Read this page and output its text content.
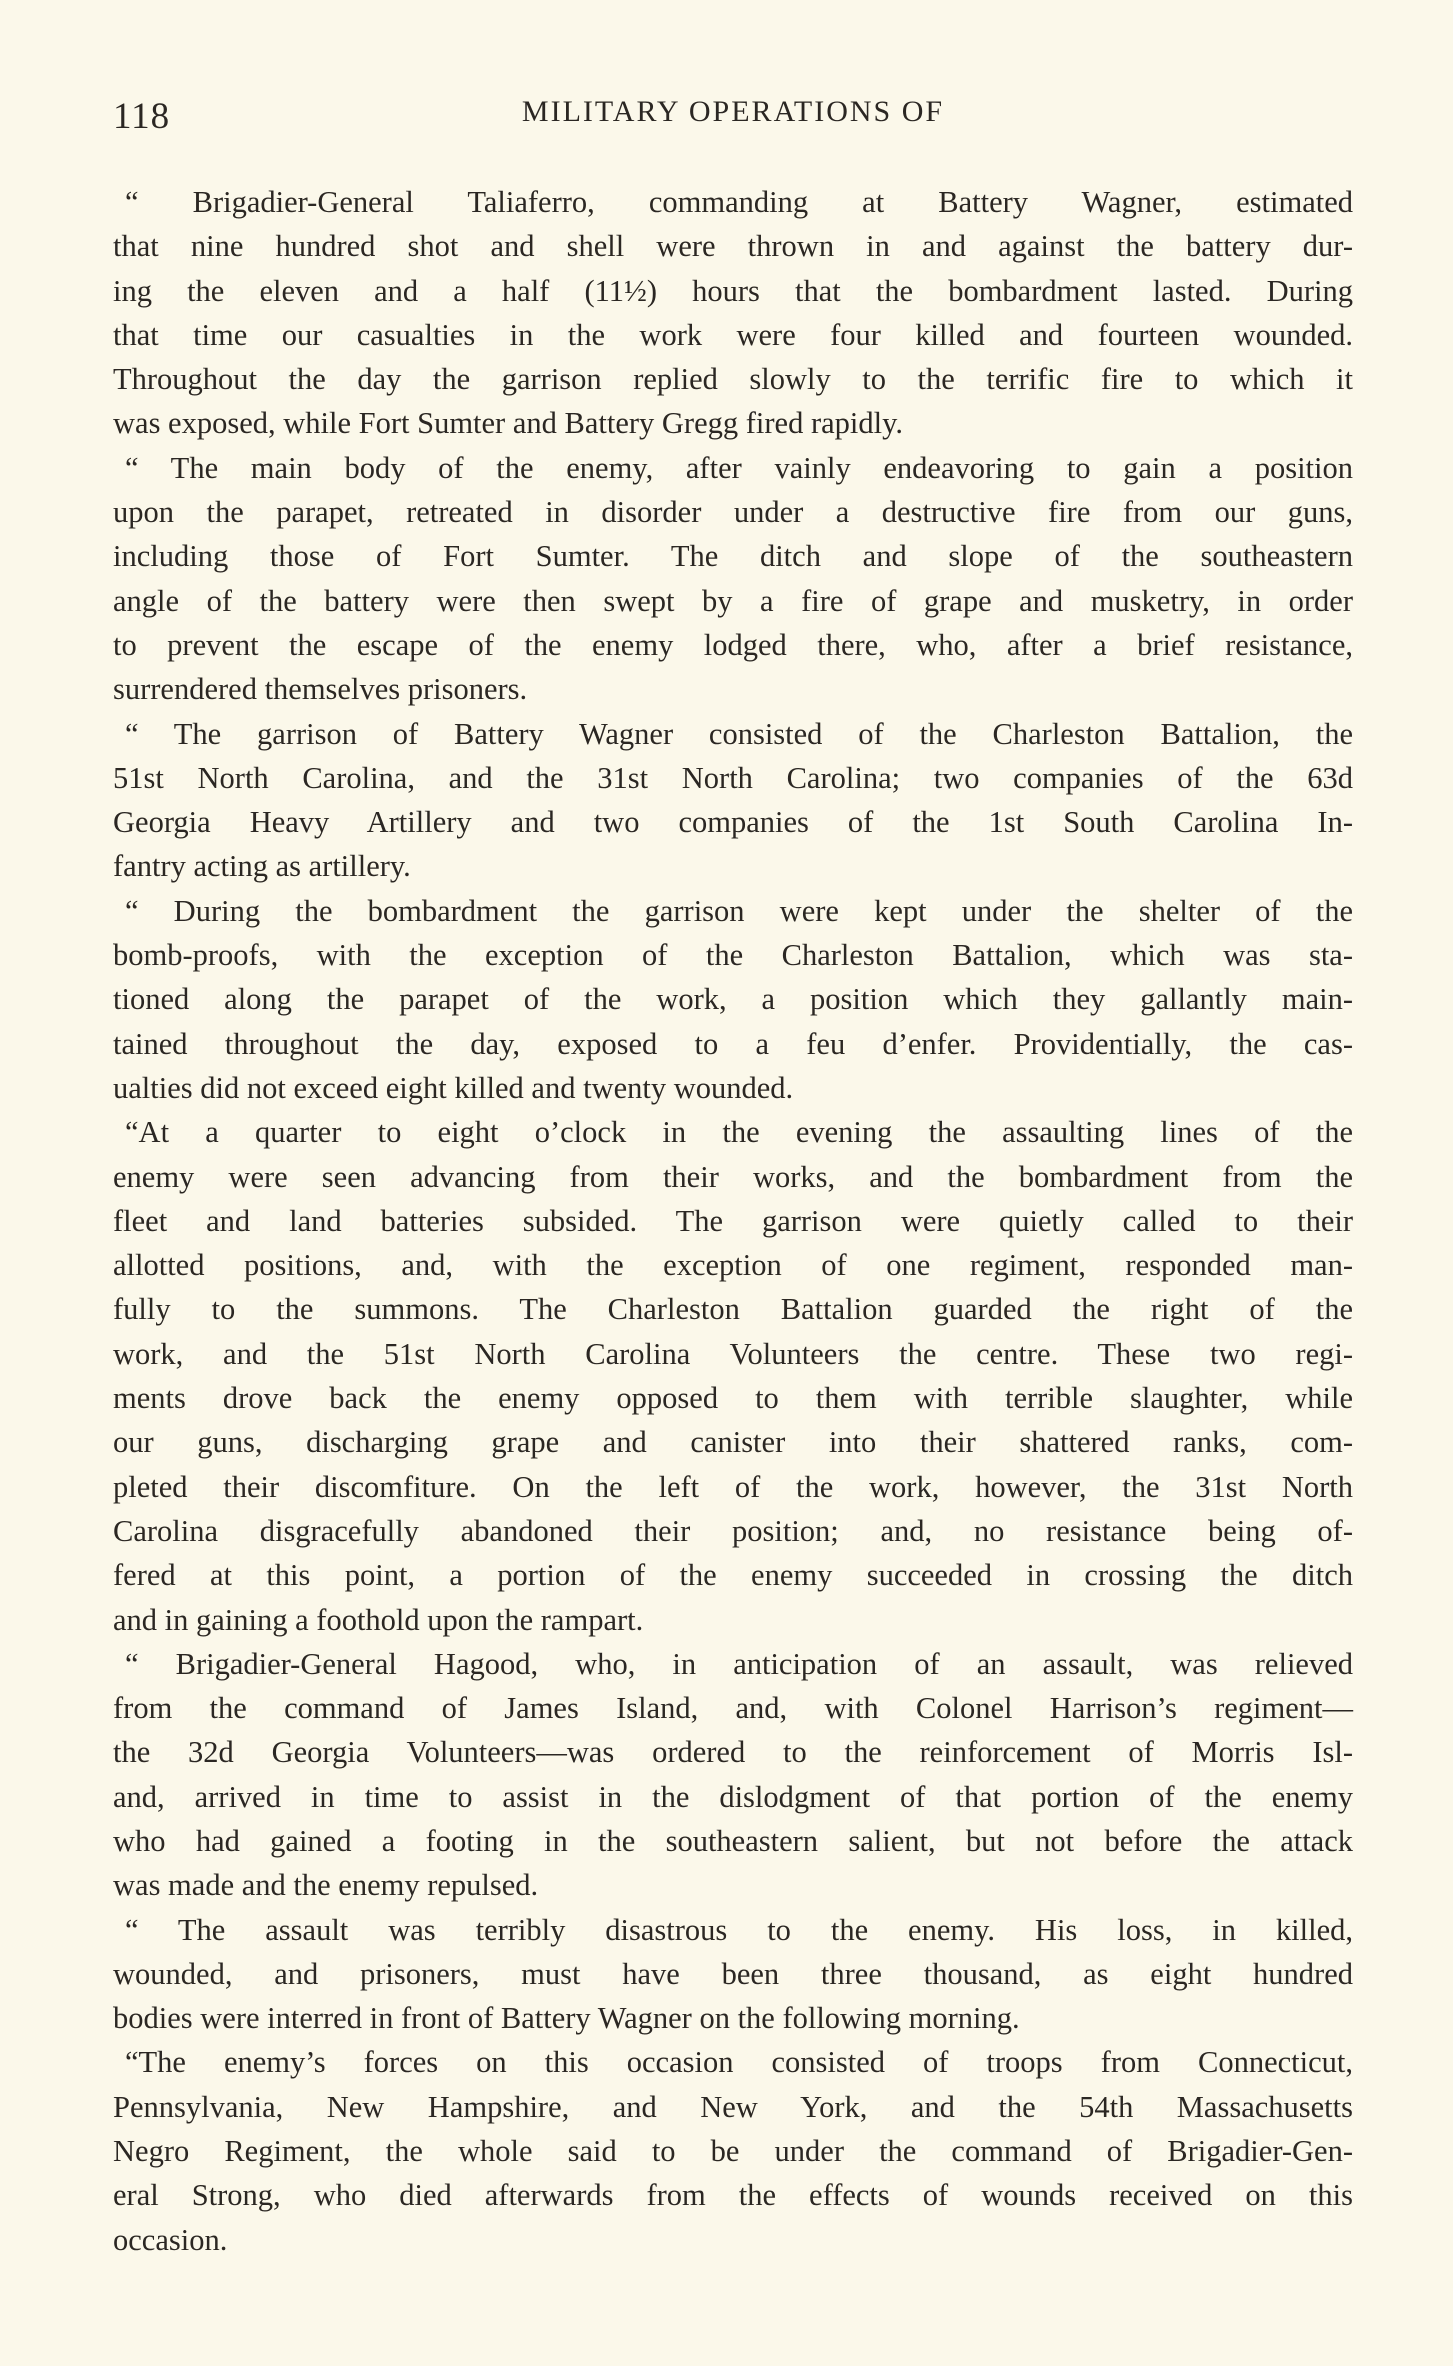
118	MILITARY OPERATIONS OF

“ Brigadier-General Taliaferro, commanding at Battery Wagner, estimated
that nine hundred shot and shell were thrown in and against the battery dur-
ing the eleven and a half (11½) hours that the bombardment lasted. During
that time our casualties in the work were four killed and fourteen wounded.
Throughout the day the garrison replied slowly to the terrific fire to which it
was exposed, while Fort Sumter and Battery Gregg fired rapidly.

“ The main body of the enemy, after vainly endeavoring to gain a position
upon the parapet, retreated in disorder under a destructive fire from our guns,
including those of Fort Sumter. The ditch and slope of the southeastern
angle of the battery were then swept by a fire of grape and musketry, in order
to prevent the escape of the enemy lodged there, who, after a brief resistance,
surrendered themselves prisoners.

“ The garrison of Battery Wagner consisted of the Charleston Battalion, the
51st North Carolina, and the 31st North Carolina; two companies of the 63d
Georgia Heavy Artillery and two companies of the 1st South Carolina In-
fantry acting as artillery.

“ During the bombardment the garrison were kept under the shelter of the
bomb-proofs, with the exception of the Charleston Battalion, which was sta-
tioned along the parapet of the work, a position which they gallantly main-
tained throughout the day, exposed to a feu d’enfer. Providentially, the cas-
ualties did not exceed eight killed and twenty wounded.

“At a quarter to eight o’clock in the evening the assaulting lines of the
enemy were seen advancing from their works, and the bombardment from the
fleet and land batteries subsided. The garrison were quietly called to their
allotted positions, and, with the exception of one regiment, responded man-
fully to the summons. The Charleston Battalion guarded the right of the
work, and the 51st North Carolina Volunteers the centre. These two regi-
ments drove back the enemy opposed to them with terrible slaughter, while
our guns, discharging grape and canister into their shattered ranks, com-
pleted their discomfiture. On the left of the work, however, the 31st North
Carolina disgracefully abandoned their position; and, no resistance being of-
fered at this point, a portion of the enemy succeeded in crossing the ditch
and in gaining a foothold upon the rampart.

“ Brigadier-General Hagood, who, in anticipation of an assault, was relieved
from the command of James Island, and, with Colonel Harrison’s regiment—
the 32d Georgia Volunteers—was ordered to the reinforcement of Morris Isl-
and, arrived in time to assist in the dislodgment of that portion of the enemy
who had gained a footing in the southeastern salient, but not before the attack
was made and the enemy repulsed.

“ The assault was terribly disastrous to the enemy. His loss, in killed,
wounded, and prisoners, must have been three thousand, as eight hundred
bodies were interred in front of Battery Wagner on the following morning.

“The enemy’s forces on this occasion consisted of troops from Connecticut,
Pennsylvania, New Hampshire, and New York, and the 54th Massachusetts
Negro Regiment, the whole said to be under the command of Brigadier-Gen-
eral Strong, who died afterwards from the effects of wounds received on this
occasion.
